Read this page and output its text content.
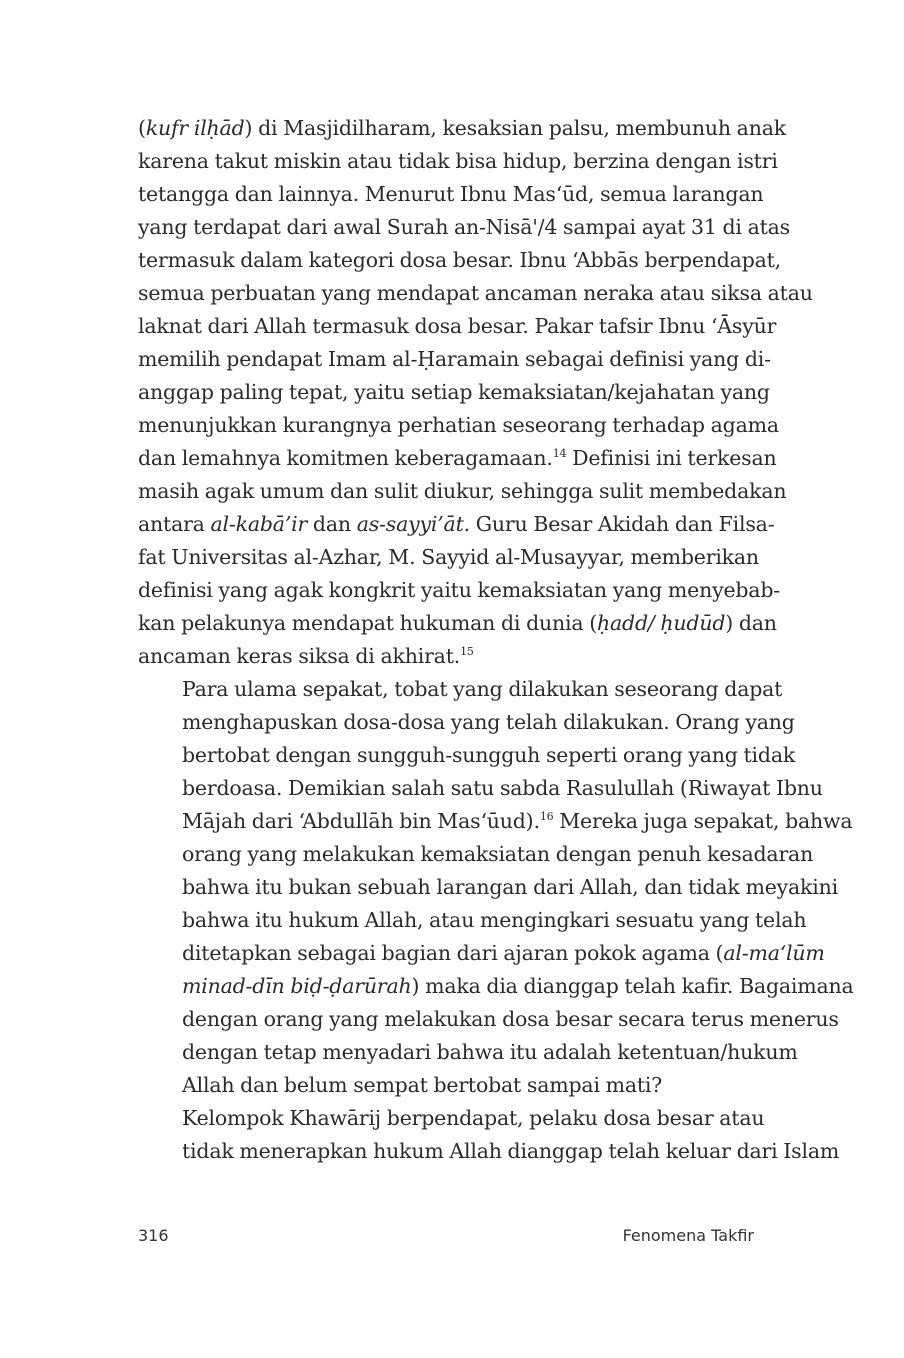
(kufr ilḥād) di Masjidilharam, kesaksian palsu, membunuh anak
karena takut miskin atau tidak bisa hidup, berzina dengan istri
tetangga dan lainnya. Menurut Ibnu Mas‘ūd, semua larangan
yang terdapat dari awal Surah an-Nisā'/4 sampai ayat 31 di atas
termasuk dalam kategori dosa besar. Ibnu ‘Abbās berpendapat,
semua perbuatan yang mendapat ancaman neraka atau siksa atau
laknat dari Allah termasuk dosa besar. Pakar tafsir Ibnu ‘Āsyūr
memilih pendapat Imam al-Ḥaramain sebagai definisi yang di-
anggap paling tepat, yaitu setiap kemaksiatan/kejahatan yang
menunjukkan kurangnya perhatian seseorang terhadap agama
dan lemahnya komitmen keberagamaan.$^{14}$ Definisi ini terkesan
masih agak umum dan sulit diukur, sehingga sulit membedakan
antara al-kabā’ir dan as-sayyi’āt. Guru Besar Akidah dan Filsa-
fat Universitas al-Azhar, M. Sayyid al-Musayyar, memberikan
definisi yang agak kongkrit yaitu kemaksiatan yang menyebab-
kan pelakunya mendapat hukuman di dunia (ḥadd/ ḥudūd) dan
ancaman keras siksa di akhirat.$^{15}$

Para ulama sepakat, tobat yang dilakukan seseorang dapat
menghapuskan dosa-dosa yang telah dilakukan. Orang yang
bertobat dengan sungguh-sungguh seperti orang yang tidak
berdoasa. Demikian salah satu sabda Rasulullah (Riwayat Ibnu
Mājah dari ‘Abdullāh bin Mas‘ūud).$^{16}$ Mereka juga sepakat, bahwa
orang yang melakukan kemaksiatan dengan penuh kesadaran
bahwa itu bukan sebuah larangan dari Allah, dan tidak meyakini
bahwa itu hukum Allah, atau mengingkari sesuatu yang telah
ditetapkan sebagai bagian dari ajaran pokok agama (al-ma‘lūm
minad-dīn biḍ-ḍarūrah) maka dia dianggap telah kafir. Bagaimana
dengan orang yang melakukan dosa besar secara terus menerus
dengan tetap menyadari bahwa itu adalah ketentuan/hukum
Allah dan belum sempat bertobat sampai mati?

Kelompok Khawārij berpendapat, pelaku dosa besar atau
tidak menerapkan hukum Allah dianggap telah keluar dari Islam

316	Fenomena Takfir
